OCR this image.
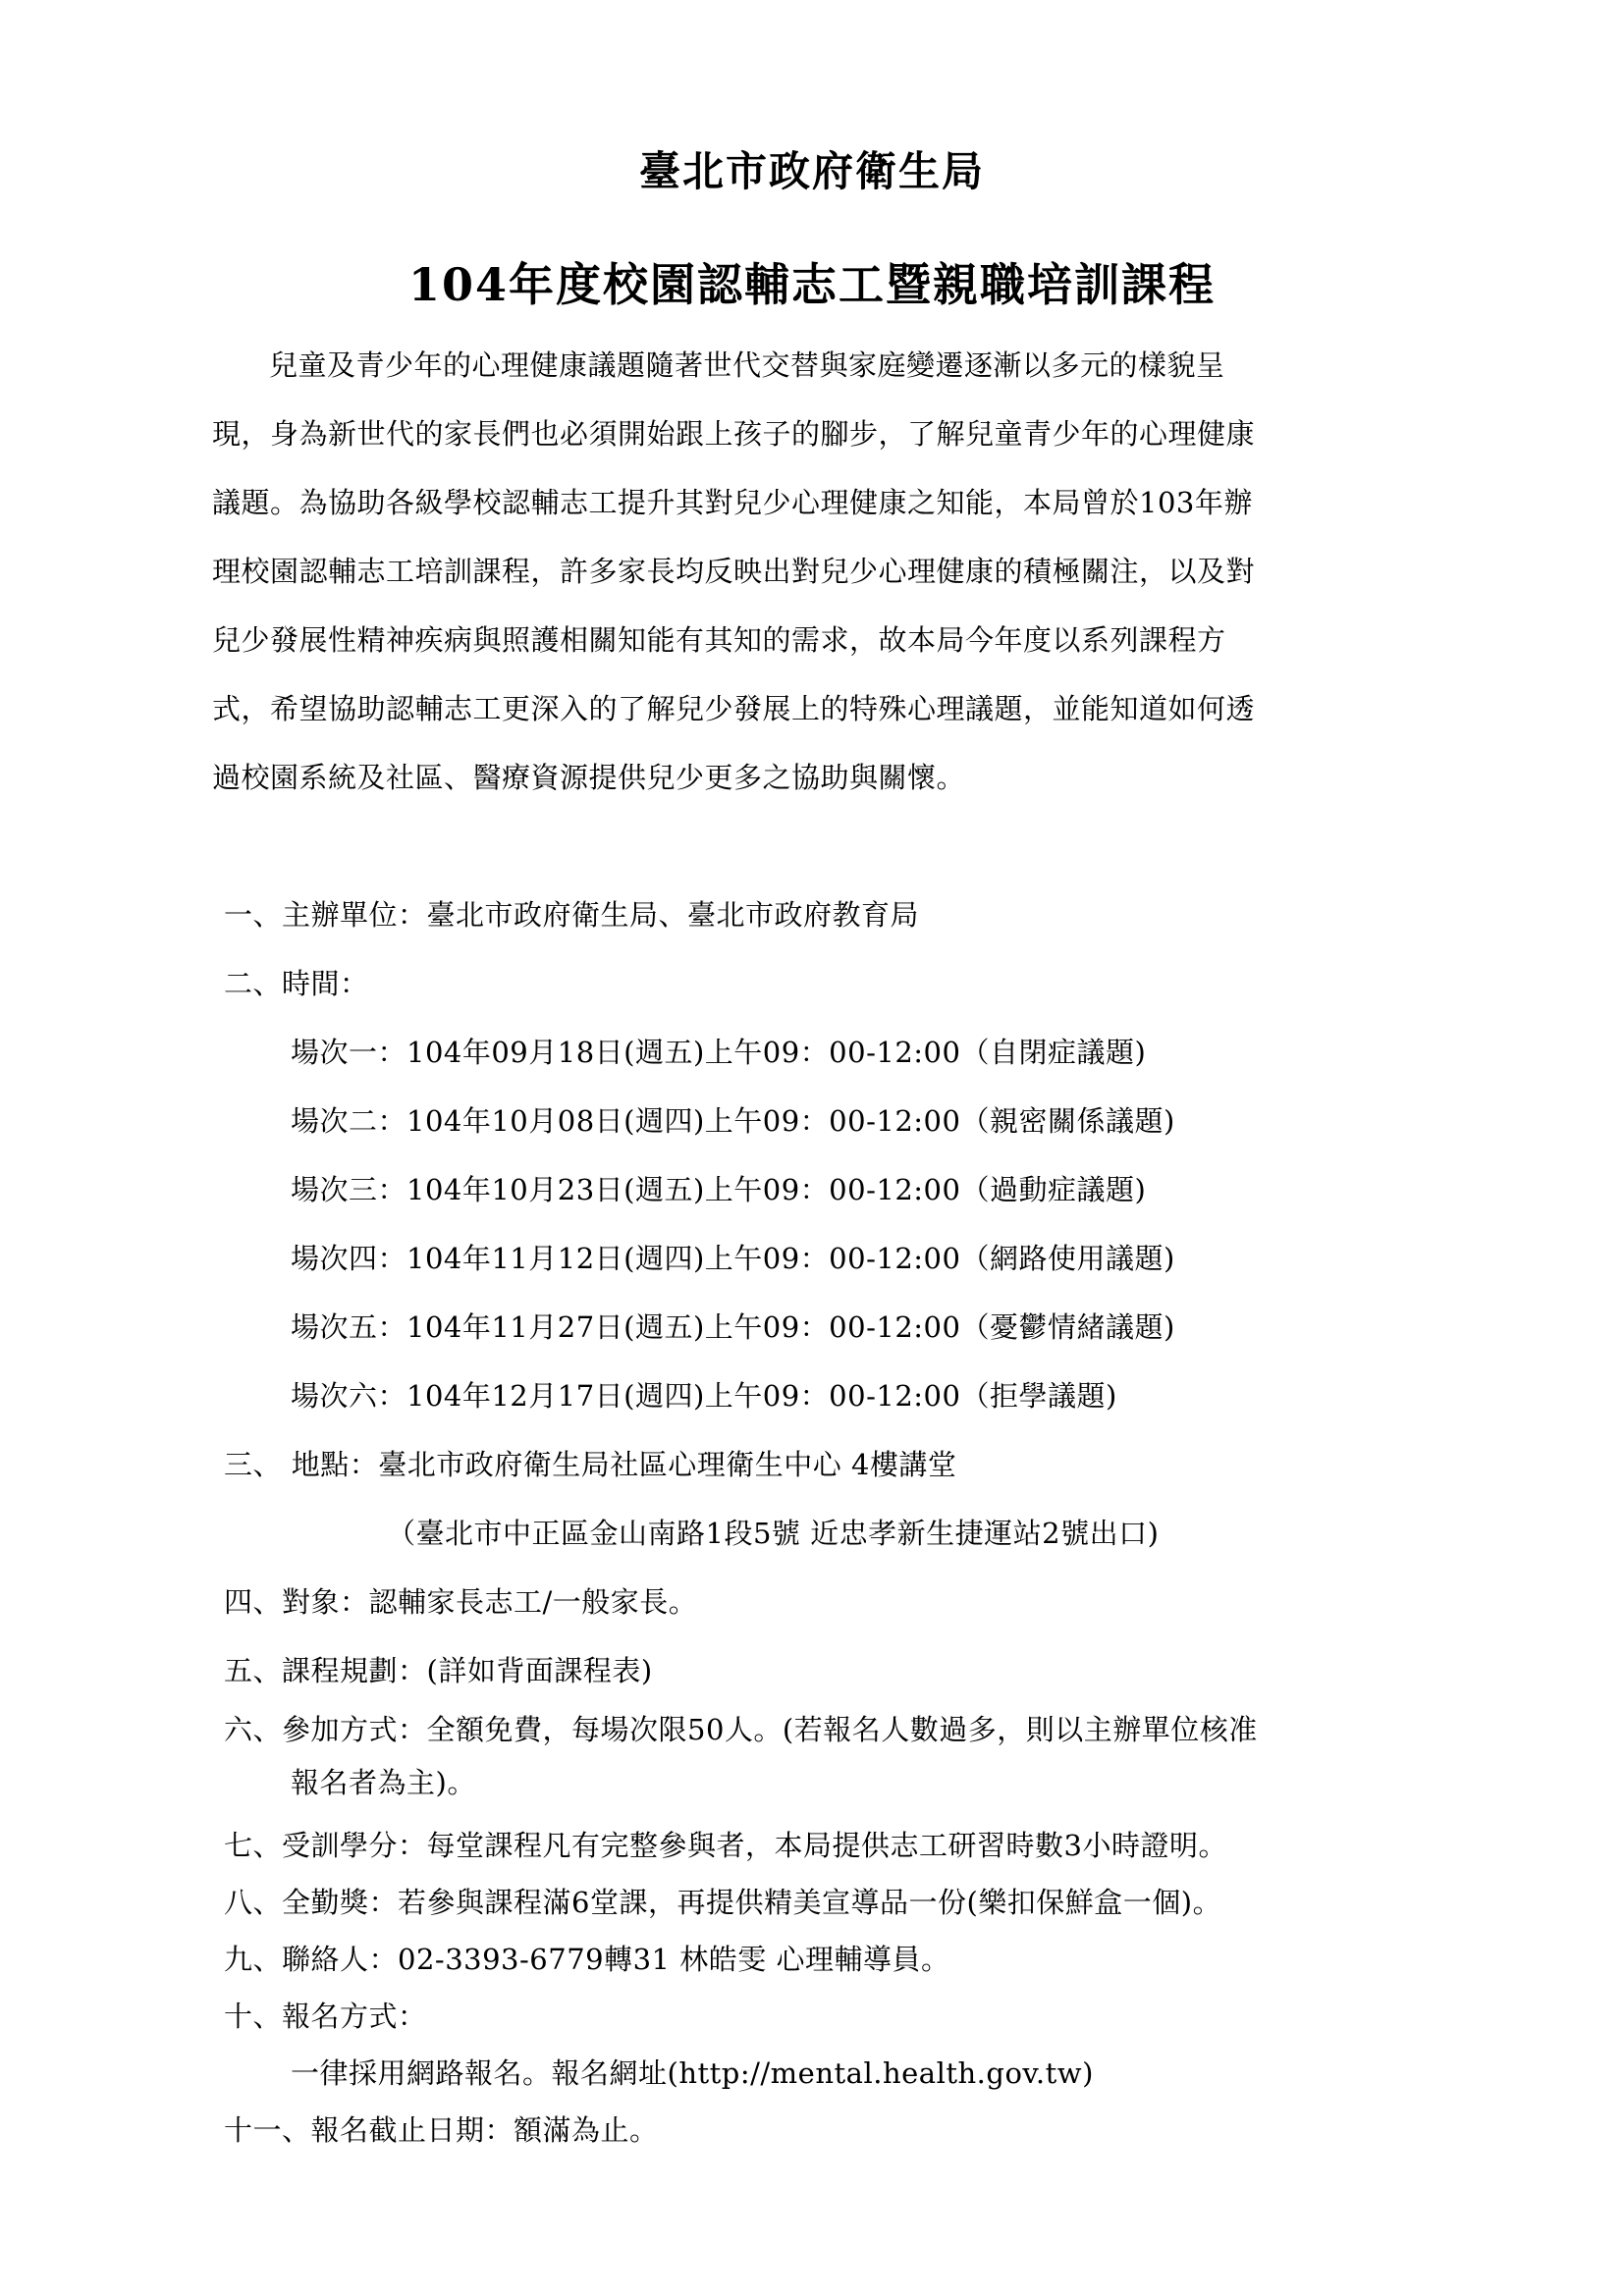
臺北市政府衛生局
104年度校園認輔志工暨親職培訓課程

兒童及青少年的心理健康議題隨著世代交替與家庭變遷逐漸以多元的樣貌呈

現，身為新世代的家長們也必須開始跟上孩子的腳步，了解兒童青少年的心理健康

議題。為協助各級學校認輔志工提升其對兒少心理健康之知能，本局曾於103年辦

理校園認輔志工培訓課程，許多家長均反映出對兒少心理健康的積極關注，以及對

兒少發展性精神疾病與照護相關知能有其知的需求，故本局今年度以系列課程方

式，希望協助認輔志工更深入的了解兒少發展上的特殊心理議題，並能知道如何透

過校園系統及社區、醫療資源提供兒少更多之協助與關懷。

一、主辦單位：臺北市政府衛生局、臺北市政府教育局
二、時間：
場次一：104年09月18日(週五)上午09：00-12:00（自閉症議題)
場次二：104年10月08日(週四)上午09：00-12:00（親密關係議題)
場次三：104年10月23日(週五)上午09：00-12:00（過動症議題)
場次四：104年11月12日(週四)上午09：00-12:00（網路使用議題)
場次五：104年11月27日(週五)上午09：00-12:00（憂鬱情緒議題)
場次六：104年12月17日(週四)上午09：00-12:00（拒學議題)
三、 地點：臺北市政府衛生局社區心理衛生中心 4樓講堂
（臺北市中正區金山南路1段5號 近忠孝新生捷運站2號出口)
四、對象：認輔家長志工/一般家長。
五、課程規劃：(詳如背面課程表)
六、參加方式：全額免費，每場次限50人。(若報名人數過多，則以主辦單位核准
報名者為主)。
七、受訓學分：每堂課程凡有完整參與者，本局提供志工研習時數3小時證明。
八、全勤獎：若參與課程滿6堂課，再提供精美宣導品一份(樂扣保鮮盒一個)。
九、聯絡人：02-3393-6779轉31 林皓雯 心理輔導員。
十、報名方式：
一律採用網路報名。報名網址(http://mental.health.gov.tw)
十一、報名截止日期：額滿為止。
